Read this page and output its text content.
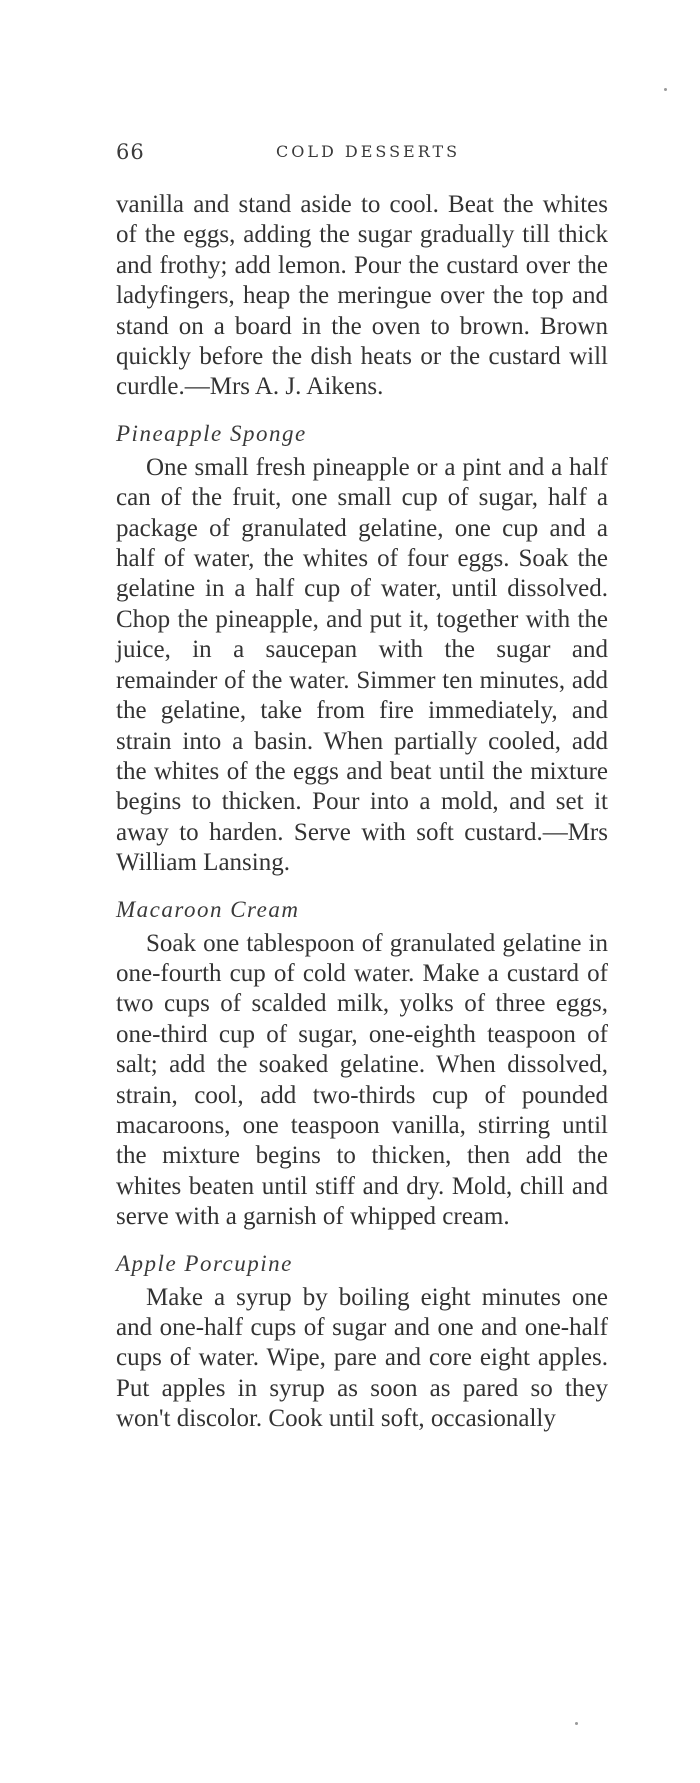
66	COLD DESSERTS

vanilla and stand aside to cool. Beat the whites of the eggs, adding the sugar gradually till thick and frothy; add lemon. Pour the custard over the ladyfingers, heap the meringue over the top and stand on a board in the oven to brown. Brown quickly before the dish heats or the custard will curdle.—Mrs A. J. Aikens.

Pineapple Sponge

One small fresh pineapple or a pint and a half can of the fruit, one small cup of sugar, half a package of granulated gelatine, one cup and a half of water, the whites of four eggs. Soak the gelatine in a half cup of water, until dissolved. Chop the pineapple, and put it, together with the juice, in a saucepan with the sugar and remainder of the water. Simmer ten minutes, add the gelatine, take from fire immediately, and strain into a basin. When partially cooled, add the whites of the eggs and beat until the mixture begins to thicken. Pour into a mold, and set it away to harden. Serve with soft custard.—Mrs William Lansing.

Macaroon Cream

Soak one tablespoon of granulated gelatine in one-fourth cup of cold water. Make a custard of two cups of scalded milk, yolks of three eggs, one-third cup of sugar, one-eighth teaspoon of salt; add the soaked gelatine. When dissolved, strain, cool, add two-thirds cup of pounded macaroons, one teaspoon vanilla, stirring until the mixture begins to thicken, then add the whites beaten until stiff and dry. Mold, chill and serve with a garnish of whipped cream.

Apple Porcupine

Make a syrup by boiling eight minutes one and one-half cups of sugar and one and one-half cups of water. Wipe, pare and core eight apples. Put apples in syrup as soon as pared so they won't discolor. Cook until soft, occasionally
